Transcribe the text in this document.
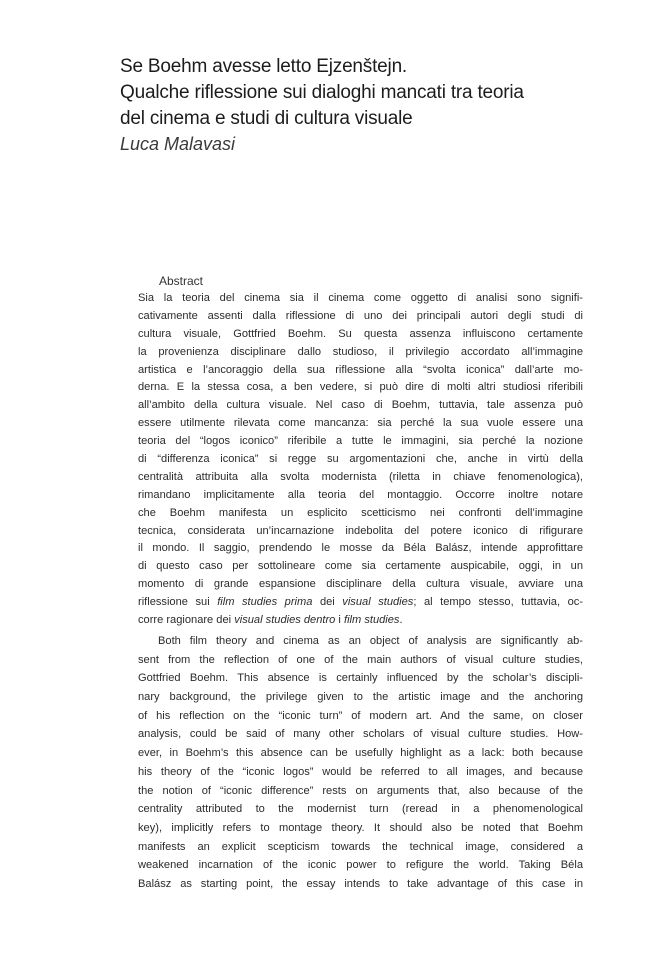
Se Boehm avesse letto Ejzenštejn.

Qualche riflessione sui dialoghi mancati tra teoria

del cinema e studi di cultura visuale

Luca Malavasi

Abstract

Sia la teoria del cinema sia il cinema come oggetto di analisi sono signifi-
cativamente assenti dalla riflessione di uno dei principali autori degli studi di
cultura visuale, Gottfried Boehm. Su questa assenza influiscono certamente
la provenienza disciplinare dallo studioso, il privilegio accordato all’immagine
artistica e l’ancoraggio della sua riflessione alla “svolta iconica” dall’arte mo-
derna. E la stessa cosa, a ben vedere, si può dire di molti altri studiosi riferibili
all’ambito della cultura visuale. Nel caso di Boehm, tuttavia, tale assenza può
essere utilmente rilevata come mancanza: sia perché la sua vuole essere una
teoria del “logos iconico” riferibile a tutte le immagini, sia perché la nozione
di “differenza iconica” si regge su argomentazioni che, anche in virtù della
centralità attribuita alla svolta modernista (riletta in chiave fenomenologica),
rimandano implicitamente alla teoria del montaggio. Occorre inoltre notare
che Boehm manifesta un esplicito scetticismo nei confronti dell’immagine
tecnica, considerata un’incarnazione indebolita del potere iconico di rifigurare
il mondo. Il saggio, prendendo le mosse da Béla Balász, intende approfittare
di questo caso per sottolineare come sia certamente auspicabile, oggi, in un
momento di grande espansione disciplinare della cultura visuale, avviare una
riflessione sui film studies prima dei visual studies; al tempo stesso, tuttavia, oc-
corre ragionare dei visual studies dentro i film studies.
Both film theory and cinema as an object of analysis are significantly ab-
sent from the reflection of one of the main authors of visual culture studies,
Gottfried Boehm. This absence is certainly influenced by the scholar’s discipli-
nary background, the privilege given to the artistic image and the anchoring
of his reflection on the “iconic turn” of modern art. And the same, on closer
analysis, could be said of many other scholars of visual culture studies. How-
ever, in Boehm’s this absence can be usefully highlight as a lack: both because
his theory of the “iconic logos” would be referred to all images, and because
the notion of “iconic difference” rests on arguments that, also because of the
centrality attributed to the modernist turn (reread in a phenomenological
key), implicitly refers to montage theory. It should also be noted that Boehm
manifests an explicit scepticism towards the technical image, considered a
weakened incarnation of the iconic power to refigure the world. Taking Béla
Balász as starting point, the essay intends to take advantage of this case in
